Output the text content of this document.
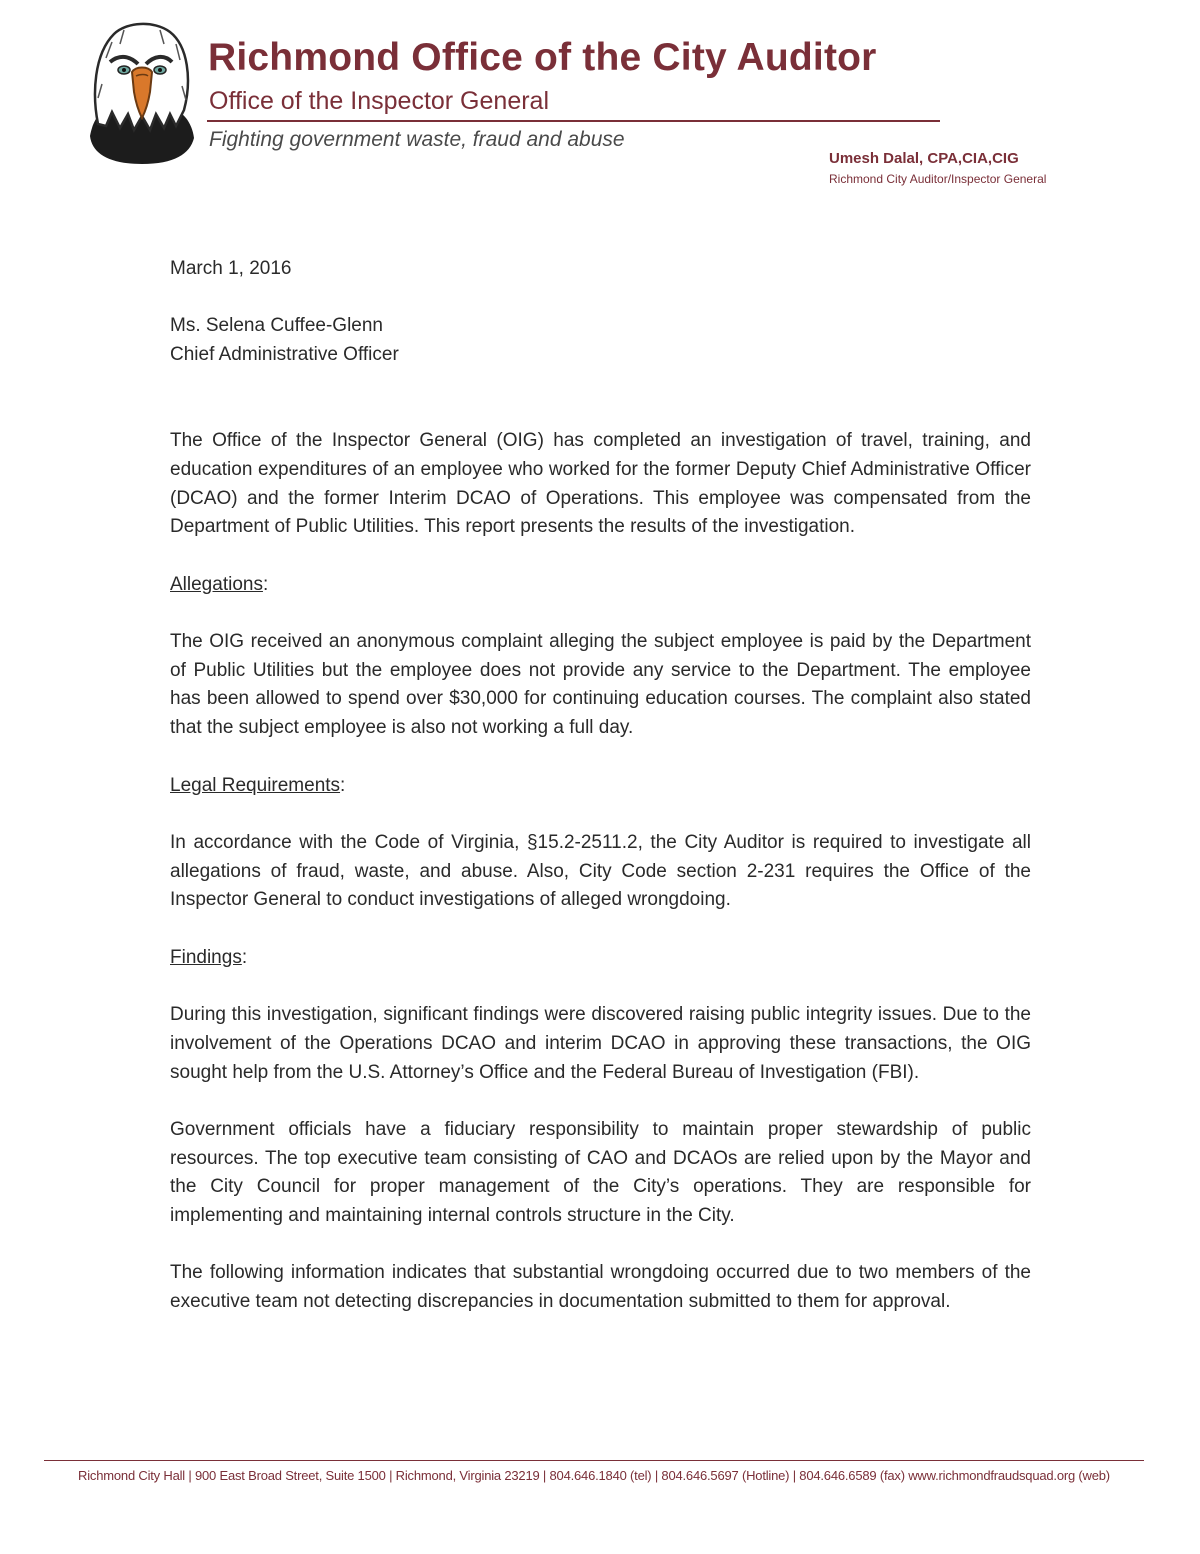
Richmond Office of the City Auditor
Office of the Inspector General
Fighting government waste, fraud and abuse
Umesh Dalal, CPA,CIA,CIG
Richmond City Auditor/Inspector General

March 1, 2016

Ms. Selena Cuffee-Glenn

Chief Administrative Officer

The Office of the Inspector General (OIG) has completed an investigation of travel, training, and education expenditures of an employee who worked for the former Deputy Chief Administrative Officer (DCAO) and the former Interim DCAO of Operations. This employee was compensated from the Department of Public Utilities. This report presents the results of the investigation.

Allegations:

The OIG received an anonymous complaint alleging the subject employee is paid by the Department of Public Utilities but the employee does not provide any service to the Department. The employee has been allowed to spend over $30,000 for continuing education courses. The complaint also stated that the subject employee is also not working a full day.

Legal Requirements:

In accordance with the Code of Virginia, §15.2-2511.2, the City Auditor is required to investigate all allegations of fraud, waste, and abuse. Also, City Code section 2-231 requires the Office of the Inspector General to conduct investigations of alleged wrongdoing.

Findings:

During this investigation, significant findings were discovered raising public integrity issues. Due to the involvement of the Operations DCAO and interim DCAO in approving these transactions, the OIG sought help from the U.S. Attorney’s Office and the Federal Bureau of Investigation (FBI).

Government officials have a fiduciary responsibility to maintain proper stewardship of public resources. The top executive team consisting of CAO and DCAOs are relied upon by the Mayor and the City Council for proper management of the City’s operations. They are responsible for implementing and maintaining internal controls structure in the City.

The following information indicates that substantial wrongdoing occurred due to two members of the executive team not detecting discrepancies in documentation submitted to them for approval.

Richmond City Hall | 900 East Broad Street, Suite 1500 | Richmond, Virginia 23219 | 804.646.1840 (tel) | 804.646.5697 (Hotline) | 804.646.6589 (fax) www.richmondfraudsquad.org (web)
